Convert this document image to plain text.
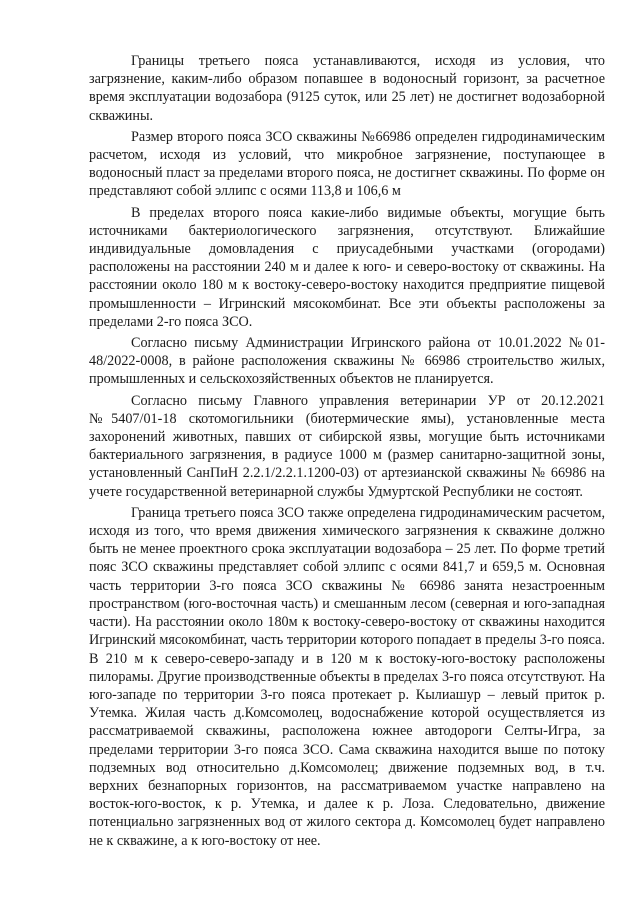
Границы третьего пояса устанавливаются, исходя из условия, что загрязнение, каким-либо образом попавшее в водоносный горизонт, за расчетное время эксплуатации водозабора (9125 суток, или 25 лет) не достигнет водозаборной скважины.

Размер второго пояса ЗСО скважины №66986 определен гидродинамическим расчетом, исходя из условий, что микробное загрязнение, поступающее в водоносный пласт за пределами второго пояса, не достигнет скважины. По форме он представляют собой эллипс с осями 113,8 и 106,6 м

В пределах второго пояса какие-либо видимые объекты, могущие быть источниками бактериологического загрязнения, отсутствуют. Ближайшие индивидуальные домовладения с приусадебными участками (огородами) расположены на расстоянии 240 м и далее к юго- и северо-востоку от скважины. На расстоянии около 180 м к востоку-северо-востоку находится предприятие пищевой промышленности – Игринский мясокомбинат. Все эти объекты расположены за пределами 2-го пояса ЗСО.

Согласно письму Администрации Игринского района от 10.01.2022 №01-48/2022-0008, в районе расположения скважины № 66986 строительство жилых, промышленных и сельскохозяйственных объектов не планируется.

Согласно письму Главного управления ветеринарии УР от 20.12.2021 №5407/01-18 скотомогильники (биотермические ямы), установленные места захоронений животных, павших от сибирской язвы, могущие быть источниками бактериального загрязнения, в радиусе 1000 м (размер санитарно-защитной зоны, установленный СанПиН 2.2.1/2.2.1.1200-03) от артезианской скважины № 66986 на учете государственной ветеринарной службы Удмуртской Республики не состоят.

Граница третьего пояса ЗСО также определена гидродинамическим расчетом, исходя из того, что время движения химического загрязнения к скважине должно быть не менее проектного срока эксплуатации водозабора – 25 лет. По форме третий пояс ЗСО скважины представляет собой эллипс с осями 841,7 и 659,5 м. Основная часть территории 3-го пояса ЗСО скважины № 66986 занята незастроенным пространством (юго-восточная часть) и смешанным лесом (северная и юго-западная части). На расстоянии около 180м к востоку-северо-востоку от скважины находится Игринский мясокомбинат, часть территории которого попадает в пределы 3-го пояса. В 210 м к северо-северо-западу и в 120 м к востоку-юго-востоку расположены пилорамы. Другие производственные объекты в пределах 3-го пояса отсутствуют. На юго-западе по территории 3-го пояса протекает р. Кылиашур – левый приток р. Утемка. Жилая часть д.Комсомолец, водоснабжение которой осуществляется из рассматриваемой скважины, расположена южнее автодороги Селты-Игра, за пределами территории 3-го пояса ЗСО. Сама скважина находится выше по потоку подземных вод относительно д.Комсомолец; движение подземных вод, в т.ч. верхних безнапорных горизонтов, на рассматриваемом участке направлено на восток-юго-восток, к р. Утемка, и далее к р. Лоза. Следовательно, движение потенциально загрязненных вод от жилого сектора д. Комсомолец будет направлено не к скважине, а к юго-востоку от нее.
